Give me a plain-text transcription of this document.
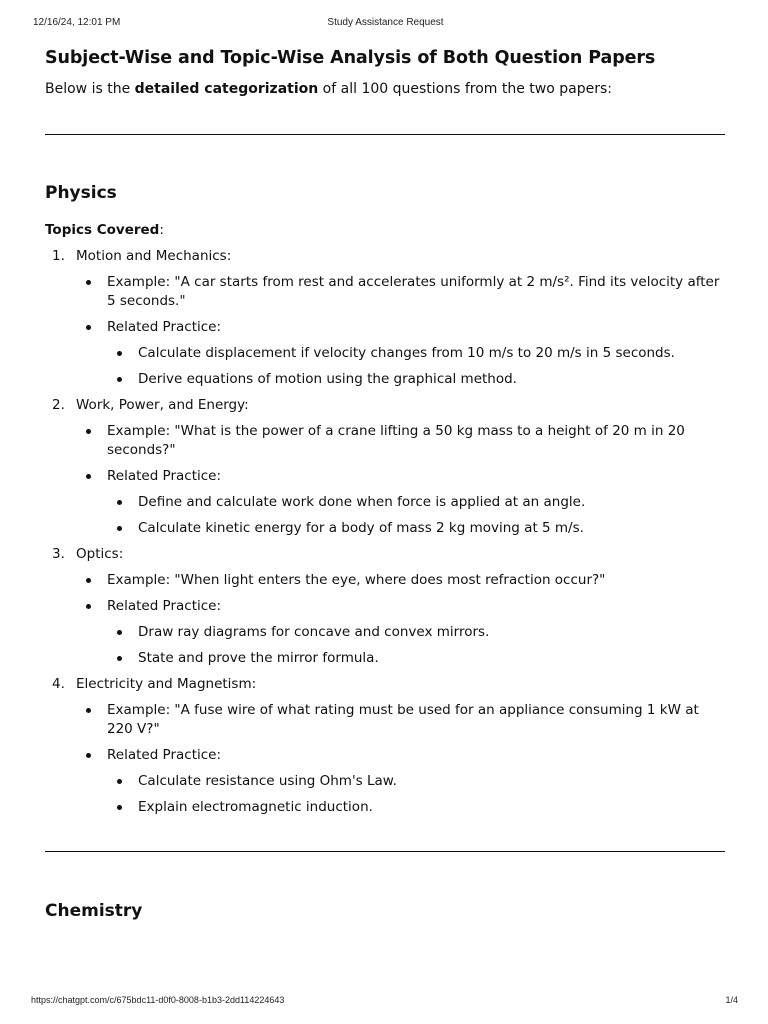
12/16/24, 12:01 PM	Study Assistance Request
Subject-Wise and Topic-Wise Analysis of Both Question Papers

Below is the detailed categorization of all 100 questions from the two papers:

Physics

Topics Covered:

1. Motion and Mechanics:
Example: "A car starts from rest and accelerates uniformly at 2 m/s². Find its velocity after 5 seconds."
Related Practice:
Calculate displacement if velocity changes from 10 m/s to 20 m/s in 5 seconds.
Derive equations of motion using the graphical method.
2. Work, Power, and Energy:
Example: "What is the power of a crane lifting a 50 kg mass to a height of 20 m in 20 seconds?"
Related Practice:
Define and calculate work done when force is applied at an angle.
Calculate kinetic energy for a body of mass 2 kg moving at 5 m/s.
3. Optics:
Example: "When light enters the eye, where does most refraction occur?"
Related Practice:
Draw ray diagrams for concave and convex mirrors.
State and prove the mirror formula.
4. Electricity and Magnetism:
Example: "A fuse wire of what rating must be used for an appliance consuming 1 kW at 220 V?"
Related Practice:
Calculate resistance using Ohm's Law.
Explain electromagnetic induction.
Chemistry
https://chatgpt.com/c/675bdc11-d0f0-8008-b1b3-2dd114224643	1/4
